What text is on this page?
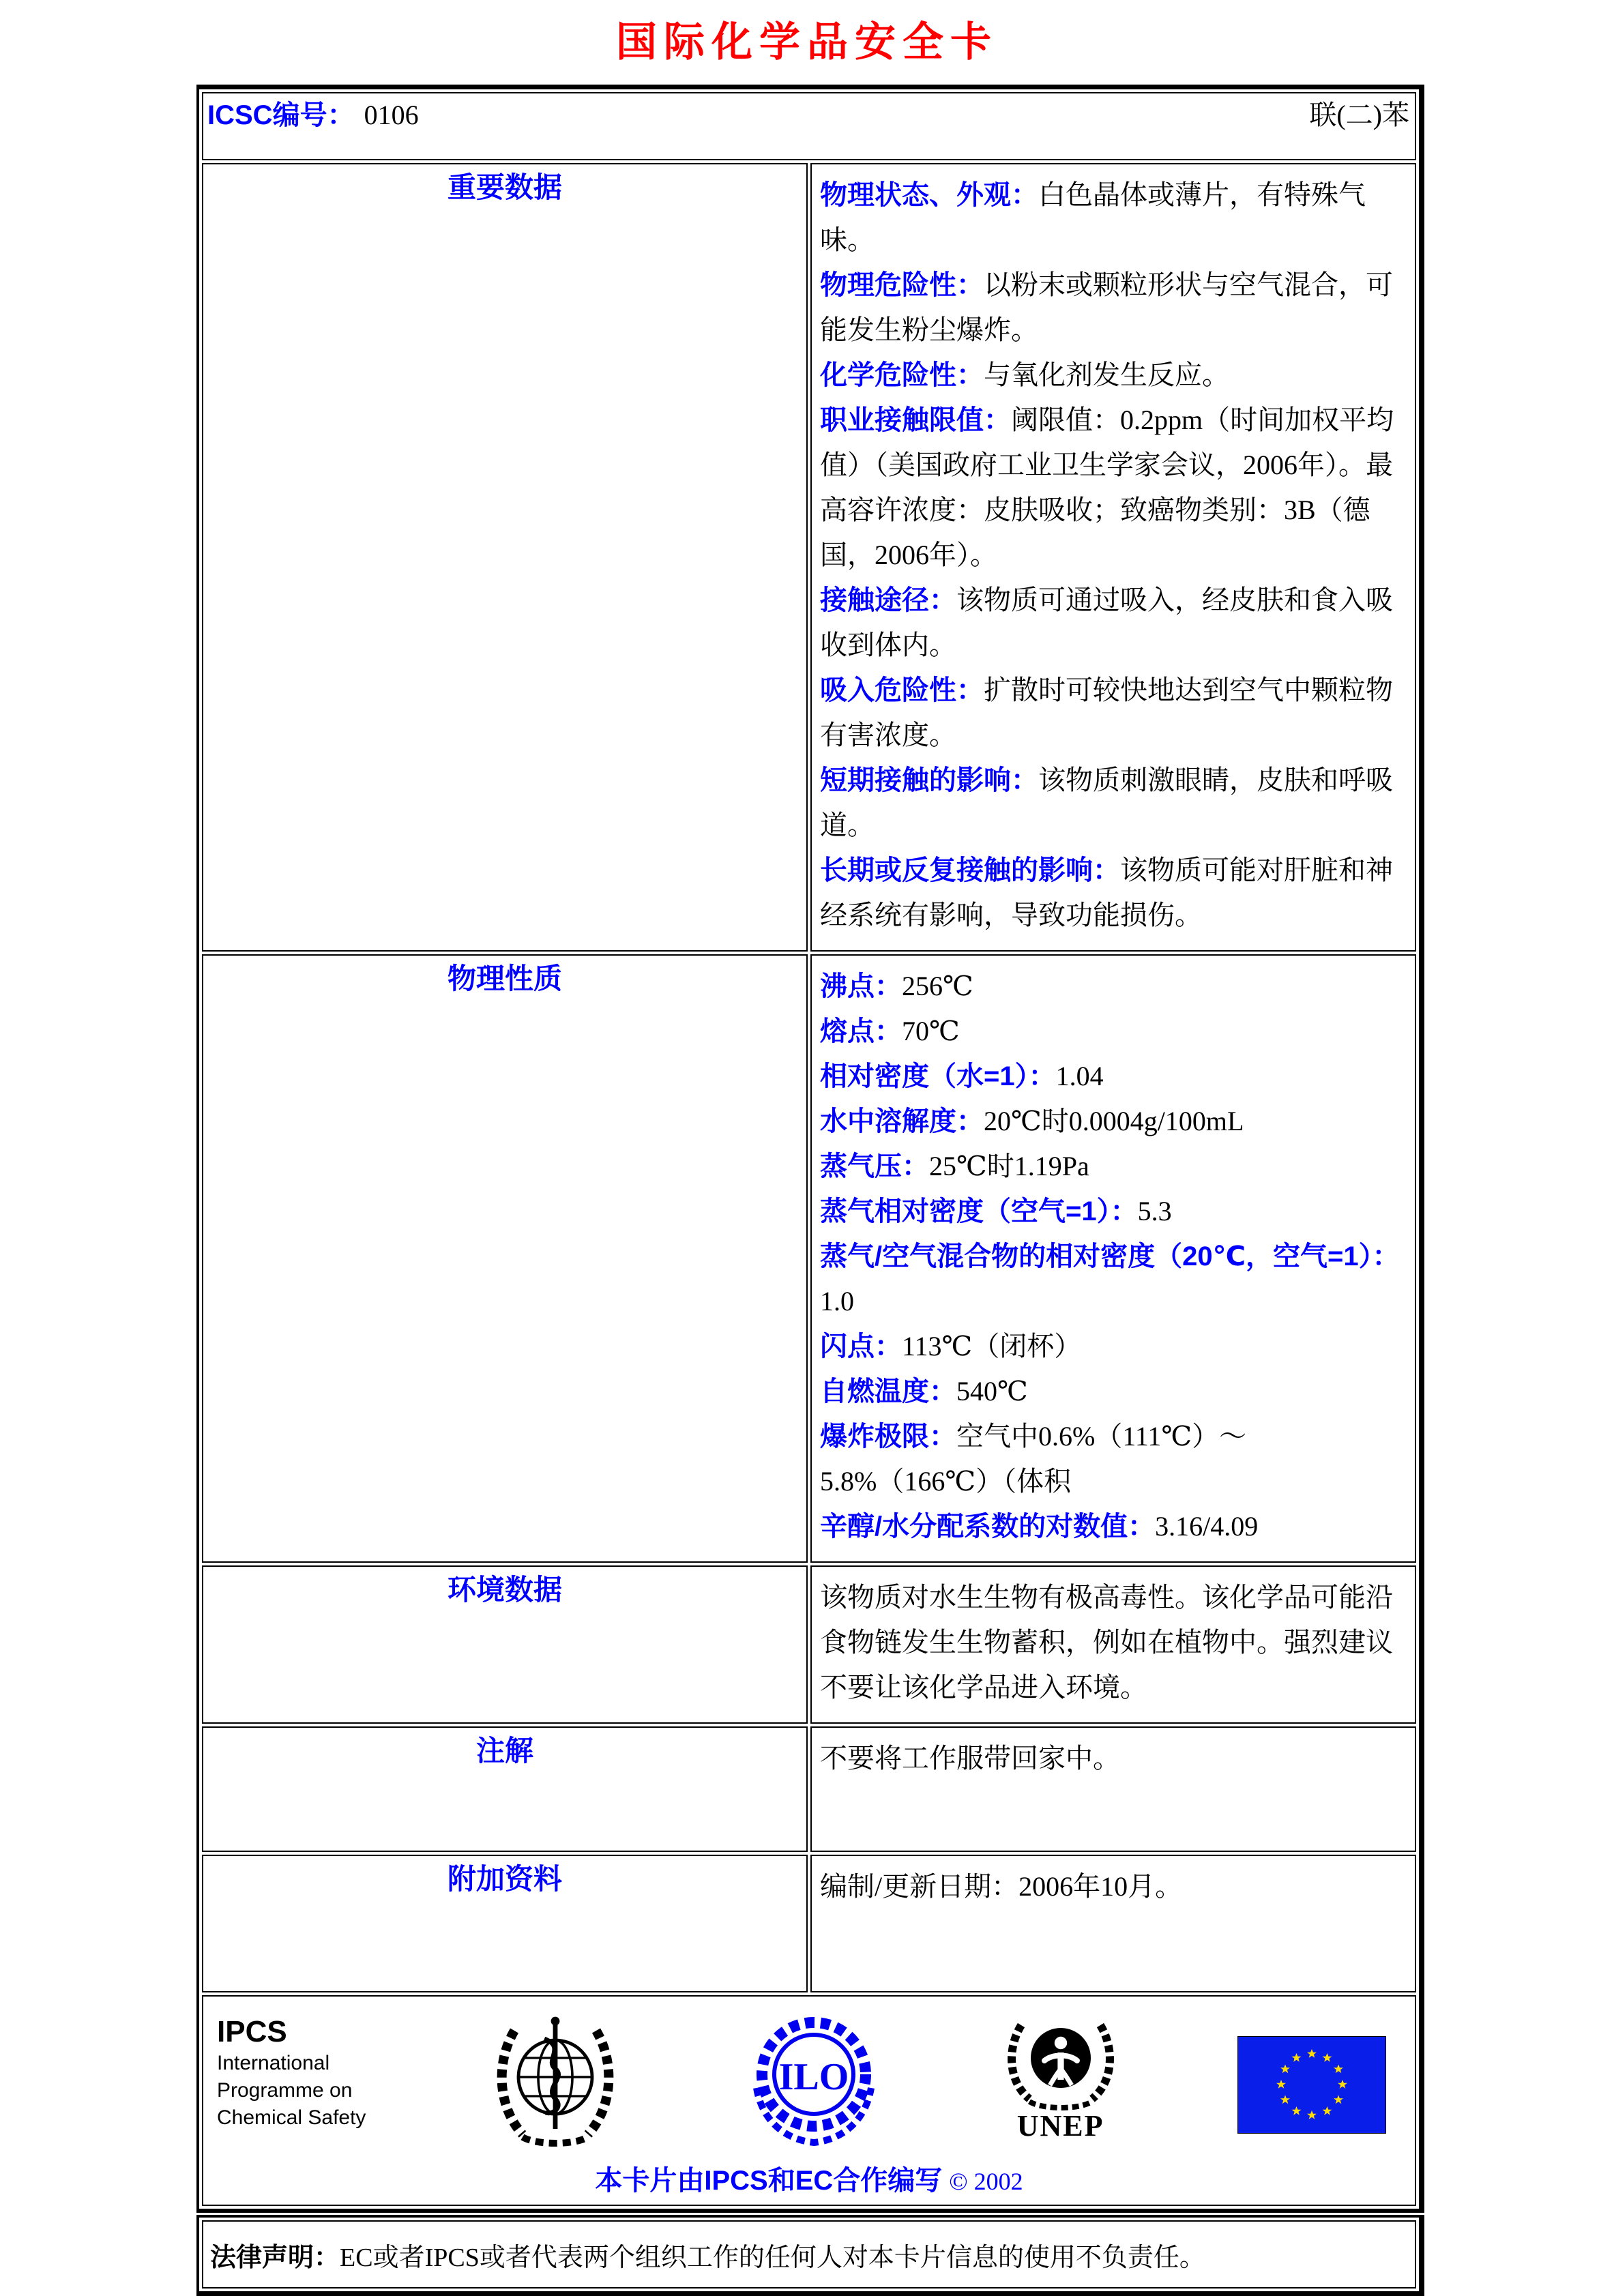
国际化学品安全卡
ICSC编号： 0106 联(二)苯	

重要数据	物理状态、外观：白色晶体或薄片，有特殊气味。

物理危险性：以粉末或颗粒形状与空气混合，可能发生粉尘爆炸。

化学危险性：与氧化剂发生反应。

职业接触限值：阈限值：0.2ppm（时间加权平均值）（美国政府工业卫生学家会议，2006年）。最高容许浓度：皮肤吸收；致癌物类别：3B（德国，2006年）。

接触途径：该物质可通过吸入，经皮肤和食入吸收到体内。

吸入危险性：扩散时可较快地达到空气中颗粒物有害浓度。

短期接触的影响：该物质刺激眼睛，皮肤和呼吸道。

长期或反复接触的影响：该物质可能对肝脏和神经系统有影响，导致功能损伤。

物理性质	沸点：256℃

熔点：70℃

相对密度（水=1）：1.04

水中溶解度：20℃时0.0004g/100mL

蒸气压：25℃时1.19Pa

蒸气相对密度（空气=1）：5.3

蒸气/空气混合物的相对密度（20℃，空气=1）：1.0

闪点：113℃（闭杯）

自燃温度：540℃

爆炸极限：空气中0.6%（111℃）～5.8%（166℃）（体积

辛醇/水分配系数的对数值：3.16/4.09

环境数据	该物质对水生生物有极高毒性。该化学品可能沿食物链发生生物蓄积，例如在植物中。强烈建议不要让该化学品进入环境。

注解	不要将工作服带回家中。

附加资料	编制/更新日期：2006年10月。

IPCS
International
Programme on
Chemical Safety
ILO
UNEP
本卡片由IPCS和EC合作编写 © 2002
法律声明：EC或者IPCS或者代表两个组织工作的任何人对本卡片信息的使用不负责任。
